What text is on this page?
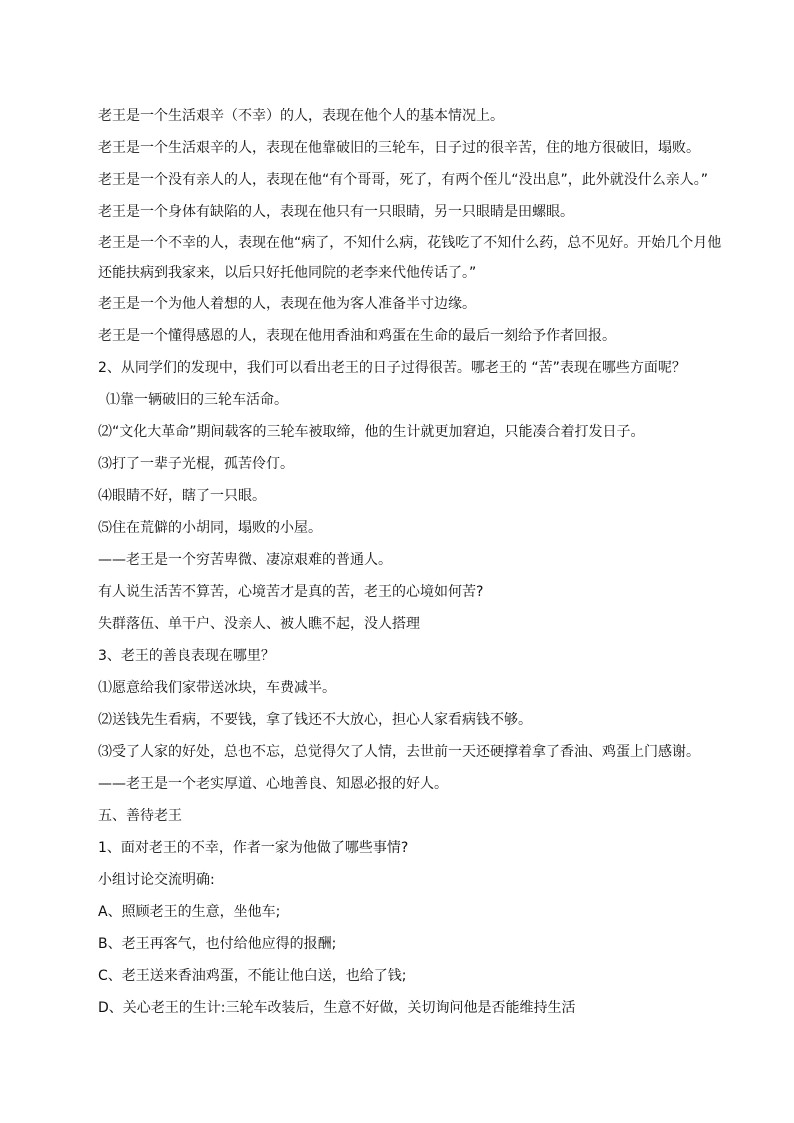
老王是一个生活艰辛（不幸）的人，表现在他个人的基本情况上。
老王是一个生活艰辛的人，表现在他靠破旧的三轮车，日子过的很辛苦，住的地方很破旧，塌败。
老王是一个没有亲人的人，表现在他“有个哥哥，死了，有两个侄儿“没出息”，此外就没什么亲人。”
老王是一个身体有缺陷的人，表现在他只有一只眼睛，另一只眼睛是田螺眼。
老王是一个不幸的人，表现在他“病了，不知什么病，花钱吃了不知什么药，总不见好。开始几个月他还能扶病到我家来，以后只好托他同院的老李来代他传话了。”
老王是一个为他人着想的人，表现在他为客人准备半寸边缘。
老王是一个懂得感恩的人，表现在他用香油和鸡蛋在生命的最后一刻给予作者回报。
2、从同学们的发现中，我们可以看出老王的日子过得很苦。哪老王的 “苦”表现在哪些方面呢？
⑴靠一辆破旧的三轮车活命。
⑵“文化大革命”期间载客的三轮车被取缔，他的生计就更加窘迫，只能凑合着打发日子。
⑶打了一辈子光棍，孤苦伶仃。
⑷眼睛不好，瞎了一只眼。
⑸住在荒僻的小胡同，塌败的小屋。
——老王是一个穷苦卑微、凄凉艰难的普通人。
有人说生活苦不算苦，心境苦才是真的苦，老王的心境如何苦?
失群落伍、单干户、没亲人、被人瞧不起，没人搭理
3、老王的善良表现在哪里？
⑴愿意给我们家带送冰块，车费减半。
⑵送钱先生看病，不要钱，拿了钱还不大放心，担心人家看病钱不够。
⑶受了人家的好处，总也不忘，总觉得欠了人情，去世前一天还硬撑着拿了香油、鸡蛋上门感谢。
——老王是一个老实厚道、心地善良、知恩必报的好人。
五、善待老王
1、面对老王的不幸，作者一家为他做了哪些事情?
小组讨论交流明确:
A、照顾老王的生意，坐他车;
B、老王再客气，也付给他应得的报酬;
C、老王送来香油鸡蛋，不能让他白送，也给了钱;
D、关心老王的生计:三轮车改装后，生意不好做，关切询问他是否能维持生活
